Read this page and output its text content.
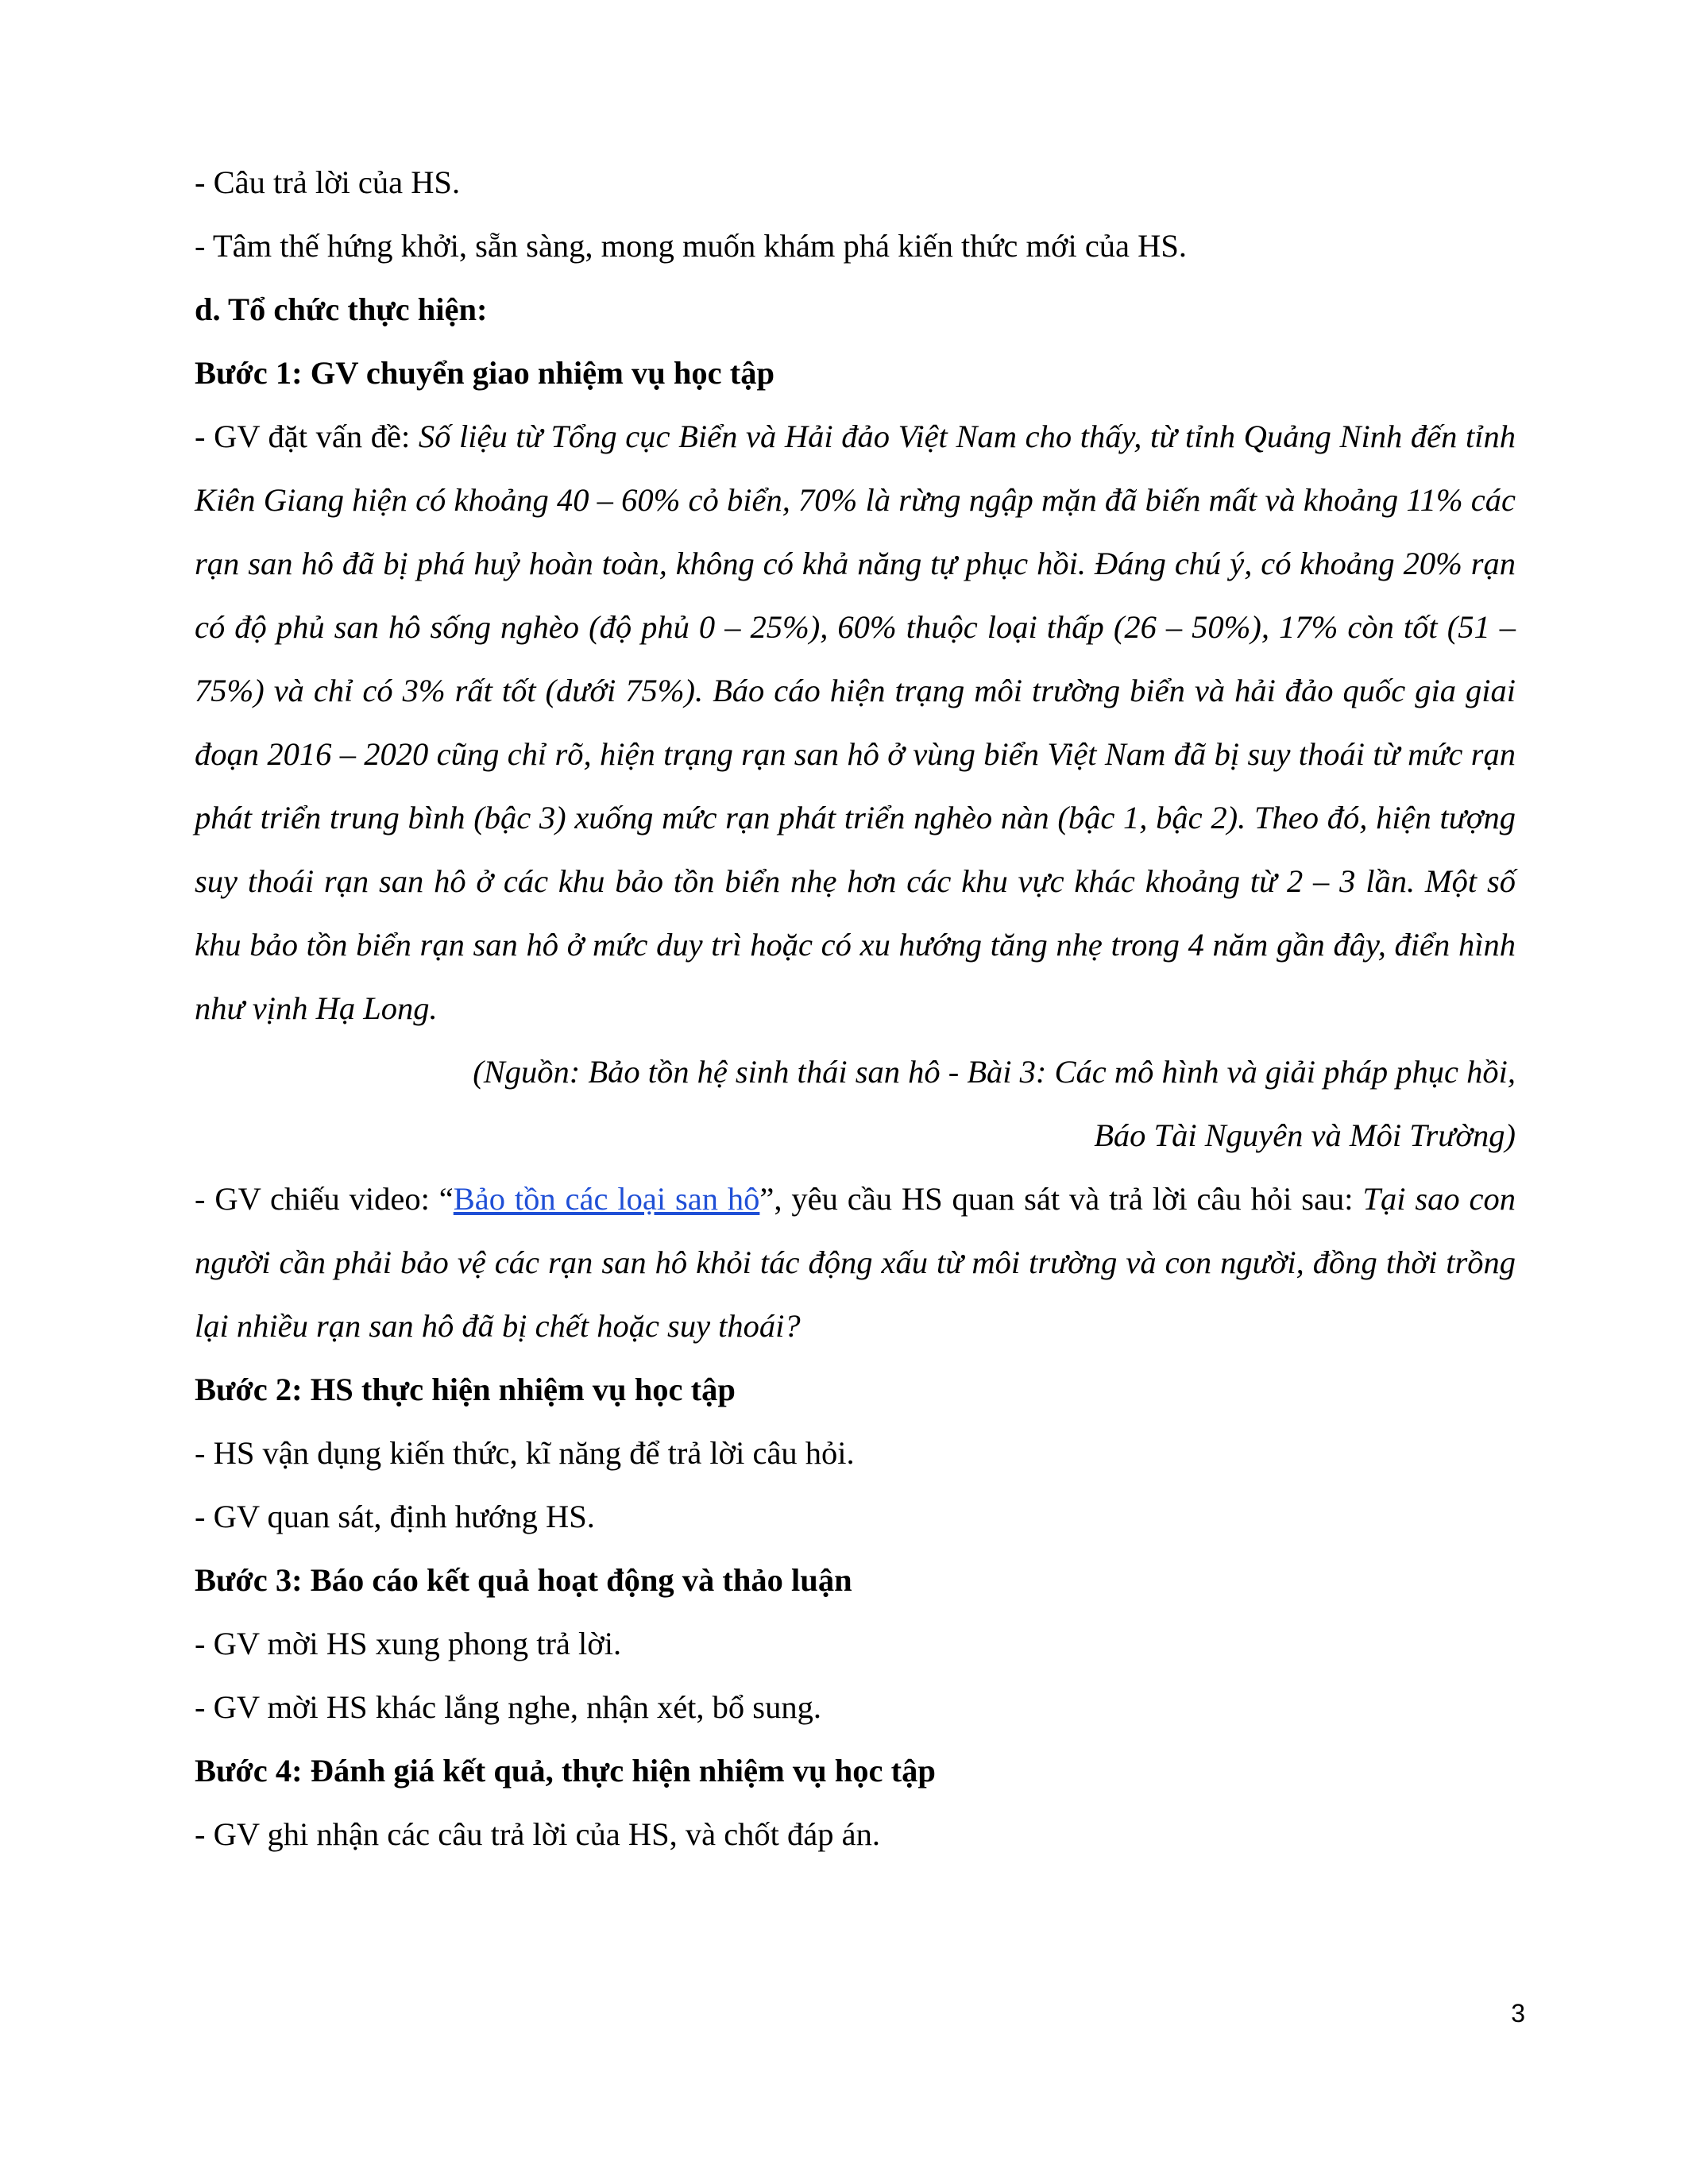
- Câu trả lời của HS.

- Tâm thế hứng khởi, sẵn sàng, mong muốn khám phá kiến thức mới của HS.

d. Tổ chức thực hiện:

Bước 1: GV chuyển giao nhiệm vụ học tập

- GV đặt vấn đề: Số liệu từ Tổng cục Biển và Hải đảo Việt Nam cho thấy, từ tỉnh Quảng Ninh đến tỉnh Kiên Giang hiện có khoảng 40 – 60% cỏ biển, 70% là rừng ngập mặn đã biến mất và khoảng 11% các rạn san hô đã bị phá huỷ hoàn toàn, không có khả năng tự phục hồi. Đáng chú ý, có khoảng 20% rạn có độ phủ san hô sống nghèo (độ phủ 0 – 25%), 60% thuộc loại thấp (26 – 50%), 17% còn tốt (51 – 75%) và chỉ có 3% rất tốt (dưới 75%). Báo cáo hiện trạng môi trường biển và hải đảo quốc gia giai đoạn 2016 – 2020 cũng chỉ rõ, hiện trạng rạn san hô ở vùng biển Việt Nam đã bị suy thoái từ mức rạn phát triển trung bình (bậc 3) xuống mức rạn phát triển nghèo nàn (bậc 1, bậc 2). Theo đó, hiện tượng suy thoái rạn san hô ở các khu bảo tồn biển nhẹ hơn các khu vực khác khoảng từ 2 – 3 lần. Một số khu bảo tồn biển rạn san hô ở mức duy trì hoặc có xu hướng tăng nhẹ trong 4 năm gần đây, điển hình như vịnh Hạ Long.

(Nguồn: Bảo tồn hệ sinh thái san hô - Bài 3: Các mô hình và giải pháp phục hồi,

Báo Tài Nguyên và Môi Trường)

- GV chiếu video: “Bảo tồn các loại san hô”, yêu cầu HS quan sát và trả lời câu hỏi sau: Tại sao con người cần phải bảo vệ các rạn san hô khỏi tác động xấu từ môi trường và con người, đồng thời trồng lại nhiều rạn san hô đã bị chết hoặc suy thoái?

Bước 2: HS thực hiện nhiệm vụ học tập

- HS vận dụng kiến thức, kĩ năng để trả lời câu hỏi.

- GV quan sát, định hướng HS.

Bước 3: Báo cáo kết quả hoạt động và thảo luận

- GV mời HS xung phong trả lời.

- GV mời HS khác lắng nghe, nhận xét, bổ sung.

Bước 4: Đánh giá kết quả, thực hiện nhiệm vụ học tập

- GV ghi nhận các câu trả lời của HS, và chốt đáp án.

3
